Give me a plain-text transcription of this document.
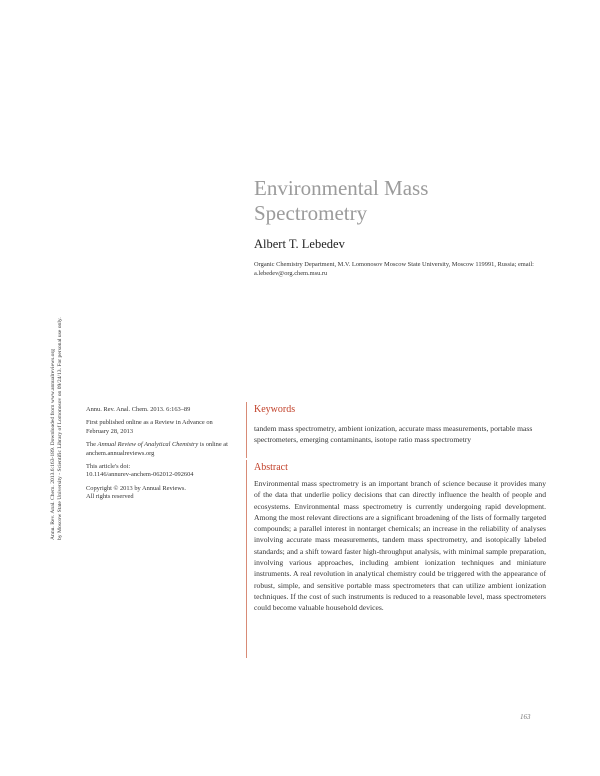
Annu. Rev. Anal. Chem. 2013.6:163-189. Downloaded from www.annualreviews.org by Moscow State University - Scientific Library of Lomonosov on 09/24/13. For personal use only.
Environmental Mass
Spectrometry
Albert T. Lebedev
Organic Chemistry Department, M.V. Lomonosov Moscow State University, Moscow 119991, Russia; email: a.lebedev@org.chem.msu.ru

Annu. Rev. Anal. Chem. 2013. 6:163–89

First published online as a Review in Advance on February 28, 2013

The Annual Review of Analytical Chemistry is online at anchem.annualreviews.org

This article's doi:
10.1146/annurev-anchem-062012-092604

Copyright © 2013 by Annual Reviews.
All rights reserved

Keywords
tandem mass spectrometry, ambient ionization, accurate mass measurements, portable mass spectrometers, emerging contaminants, isotope ratio mass spectrometry
Abstract
Environmental mass spectrometry is an important branch of science because it provides many of the data that underlie policy decisions that can directly influence the health of people and ecosystems. Environmental mass spectrometry is currently undergoing rapid development. Among the most relevant directions are a significant broadening of the lists of formally targeted compounds; a parallel interest in nontarget chemicals; an increase in the reliability of analyses involving accurate mass measurements, tandem mass spectrometry, and isotopically labeled standards; and a shift toward faster high-throughput analysis, with minimal sample preparation, involving various approaches, including ambient ionization techniques and miniature instruments. A real revolution in analytical chemistry could be triggered with the appearance of robust, simple, and sensitive portable mass spectrometers that can utilize ambient ionization techniques. If the cost of such instruments is reduced to a reasonable level, mass spectrometers could become valuable household devices.
163
